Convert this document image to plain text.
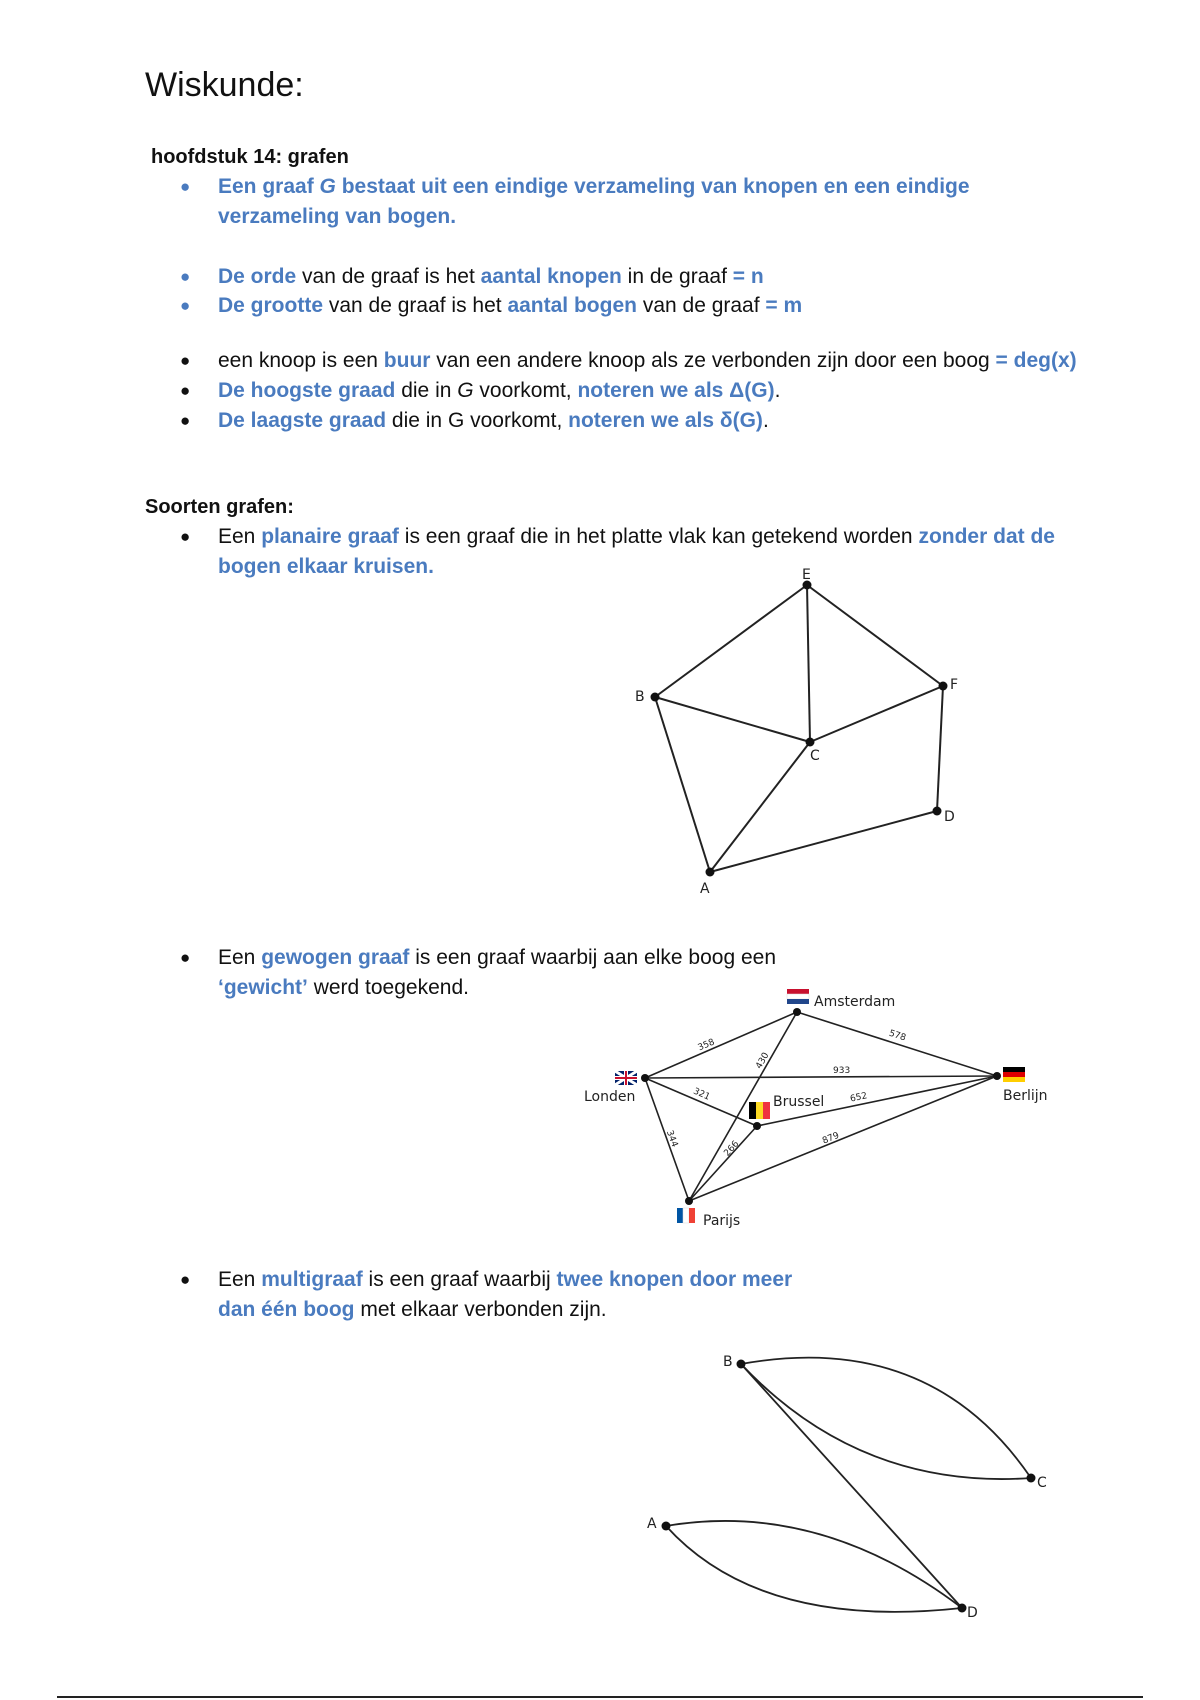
Wiskunde:
hoofdstuk 14: grafen
●	Een graaf G bestaat uit een eindige verzameling van knopen en een eindige verzameling van bogen.
●	De orde van de graaf is het aantal knopen in de graaf = n
●	De grootte van de graaf is het aantal bogen van de graaf = m
●	een knoop is een buur van een andere knoop als ze verbonden zijn door een boog = deg(x)
●	De hoogste graad die in G voorkomt, noteren we als Δ(G).
●	De laagste graad die in G voorkomt, noteren we als δ(G).
Soorten grafen:
●	Een planaire graaf is een graaf die in het platte vlak kan getekend worden zonder dat de bogen elkaar kruisen.	E
F
B
C
D
A
●	Een gewogen graaf is een graaf waarbij aan elke boog een ‘gewicht’ werd toegekend.
Amsterdam
Londen	Berlijn
Brussel
Parijs
358
578
933
430
321	652
344
266
879
●	Een multigraaf is een graaf waarbij twee knopen door meer dan één boog met elkaar verbonden zijn.
B
C
A
D
